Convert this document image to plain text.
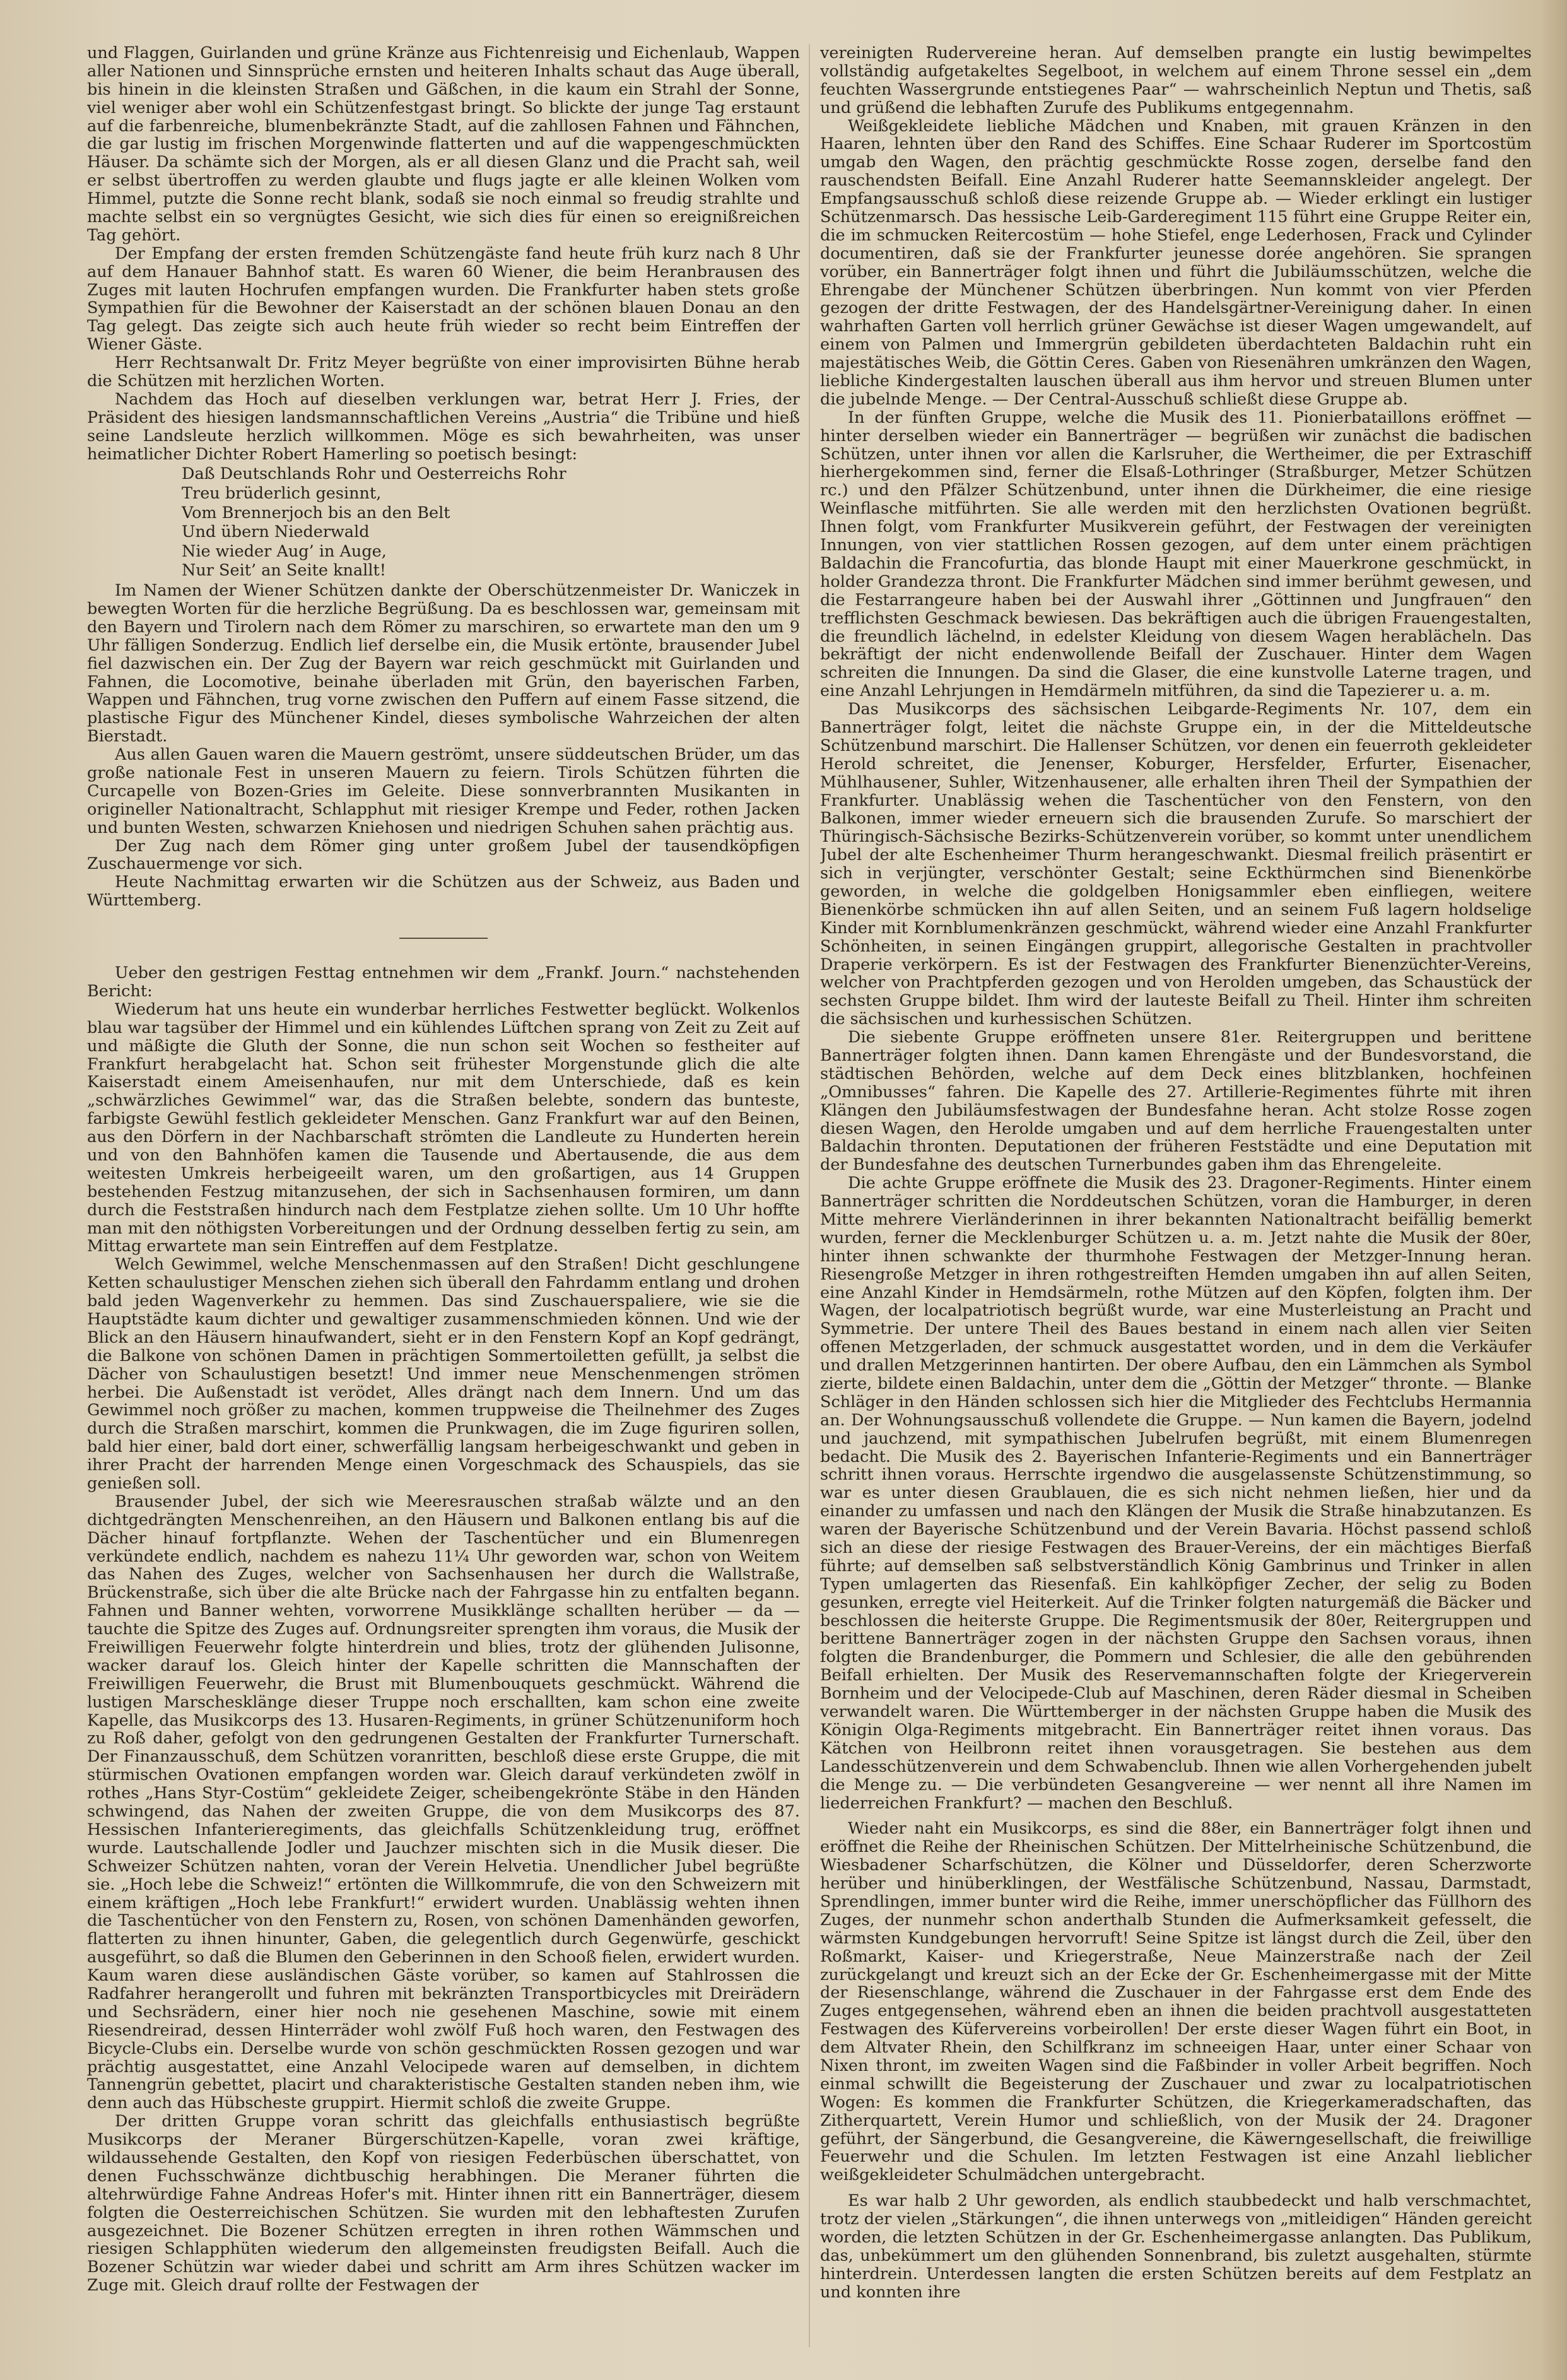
und Flaggen, Guirlanden und grüne Kränze aus Fichtenreisig und Eichenlaub, Wappen aller Nationen und Sinnsprüche ernsten und heiteren Inhalts schaut das Auge überall, bis hinein in die kleinsten Straßen und Gäßchen, in die kaum ein Strahl der Sonne, viel weniger aber wohl ein Schützenfestgast bringt. So blickte der junge Tag erstaunt auf die farbenreiche, blumenbekränzte Stadt, auf die zahllosen Fahnen und Fähnchen, die gar lustig im frischen Morgenwinde flatterten und auf die wappengeschmückten Häuser. Da schämte sich der Morgen, als er all diesen Glanz und die Pracht sah, weil er selbst übertroffen zu werden glaubte und flugs jagte er alle kleinen Wolken vom Himmel, putzte die Sonne recht blank, sodaß sie noch einmal so freudig strahlte und machte selbst ein so vergnügtes Gesicht, wie sich dies für einen so ereignißreichen Tag gehört.

Der Empfang der ersten fremden Schützengäste fand heute früh kurz nach 8 Uhr auf dem Hanauer Bahnhof statt. Es waren 60 Wiener, die beim Heranbrausen des Zuges mit lauten Hochrufen empfangen wurden. Die Frankfurter haben stets große Sympathien für die Bewohner der Kaiserstadt an der schönen blauen Donau an den Tag gelegt. Das zeigte sich auch heute früh wieder so recht beim Eintreffen der Wiener Gäste.

Herr Rechtsanwalt Dr. Fritz Meyer begrüßte von einer improvisirten Bühne herab die Schützen mit herzlichen Worten.

Nachdem das Hoch auf dieselben verklungen war, betrat Herr J. Fries, der Präsident des hiesigen landsmannschaftlichen Vereins „Austria“ die Tribüne und hieß seine Landsleute herzlich willkommen. Möge es sich bewahrheiten, was unser heimatlicher Dichter Robert Hamerling so poetisch besingt:

Daß Deutschlands Rohr und Oesterreichs Rohr
Treu brüderlich gesinnt,
Vom Brennerjoch bis an den Belt
Und übern Niederwald
Nie wieder Aug’ in Auge,
Nur Seit’ an Seite knallt!

Im Namen der Wiener Schützen dankte der Oberschützenmeister Dr. Waniczek in bewegten Worten für die herzliche Begrüßung. Da es beschlossen war, gemeinsam mit den Bayern und Tirolern nach dem Römer zu marschiren, so erwartete man den um 9 Uhr fälligen Sonderzug. Endlich lief derselbe ein, die Musik ertönte, brausender Jubel fiel dazwischen ein. Der Zug der Bayern war reich geschmückt mit Guirlanden und Fahnen, die Locomotive, beinahe überladen mit Grün, den bayerischen Farben, Wappen und Fähnchen, trug vorne zwischen den Puffern auf einem Fasse sitzend, die plastische Figur des Münchener Kindel, dieses symbolische Wahrzeichen der alten Bierstadt.

Aus allen Gauen waren die Mauern geströmt, unsere süddeutschen Brüder, um das große nationale Fest in unseren Mauern zu feiern. Tirols Schützen führten die Curcapelle von Bozen-Gries im Geleite. Diese sonnverbrannten Musikanten in origineller Nationaltracht, Schlapphut mit riesiger Krempe und Feder, rothen Jacken und bunten Westen, schwarzen Kniehosen und niedrigen Schuhen sahen prächtig aus.

Der Zug nach dem Römer ging unter großem Jubel der tausendköpfigen Zuschauermenge vor sich.

Heute Nachmittag erwarten wir die Schützen aus der Schweiz, aus Baden und Württemberg.

Ueber den gestrigen Festtag entnehmen wir dem „Frankf. Journ.“ nachstehenden Bericht:

Wiederum hat uns heute ein wunderbar herrliches Festwetter beglückt. Wolkenlos blau war tagsüber der Himmel und ein kühlendes Lüftchen sprang von Zeit zu Zeit auf und mäßigte die Gluth der Sonne, die nun schon seit Wochen so festheiter auf Frankfurt herabgelacht hat. Schon seit frühester Morgenstunde glich die alte Kaiserstadt einem Ameisenhaufen, nur mit dem Unterschiede, daß es kein „schwärzliches Gewimmel“ war, das die Straßen belebte, sondern das bunteste, farbigste Gewühl festlich gekleideter Menschen. Ganz Frankfurt war auf den Beinen, aus den Dörfern in der Nachbarschaft strömten die Landleute zu Hunderten herein und von den Bahnhöfen kamen die Tausende und Abertausende, die aus dem weitesten Umkreis herbeigeeilt waren, um den großartigen, aus 14 Gruppen bestehenden Festzug mitanzusehen, der sich in Sachsenhausen formiren, um dann durch die Feststraßen hindurch nach dem Festplatze ziehen sollte. Um 10 Uhr hoffte man mit den nöthigsten Vorbereitungen und der Ordnung desselben fertig zu sein, am Mittag erwartete man sein Eintreffen auf dem Festplatze.

Welch Gewimmel, welche Menschenmassen auf den Straßen! Dicht geschlungene Ketten schaulustiger Menschen ziehen sich überall den Fahrdamm entlang und drohen bald jeden Wagenverkehr zu hemmen. Das sind Zuschauerspaliere, wie sie die Hauptstädte kaum dichter und gewaltiger zusammenschmieden können. Und wie der Blick an den Häusern hinaufwandert, sieht er in den Fenstern Kopf an Kopf gedrängt, die Balkone von schönen Damen in prächtigen Sommertoiletten gefüllt, ja selbst die Dächer von Schaulustigen besetzt! Und immer neue Menschenmengen strömen herbei. Die Außenstadt ist verödet, Alles drängt nach dem Innern. Und um das Gewimmel noch größer zu machen, kommen truppweise die Theilnehmer des Zuges durch die Straßen marschirt, kommen die Prunkwagen, die im Zuge figuriren sollen, bald hier einer, bald dort einer, schwerfällig langsam herbeigeschwankt und geben in ihrer Pracht der harrenden Menge einen Vorgeschmack des Schauspiels, das sie genießen soll.

Brausender Jubel, der sich wie Meeresrauschen straßab wälzte und an den dichtgedrängten Menschenreihen, an den Häusern und Balkonen entlang bis auf die Dächer hinauf fortpflanzte. Wehen der Taschentücher und ein Blumenregen verkündete endlich, nachdem es nahezu 11¼ Uhr geworden war, schon von Weitem das Nahen des Zuges, welcher von Sachsenhausen her durch die Wallstraße, Brückenstraße, sich über die alte Brücke nach der Fahrgasse hin zu entfalten begann. Fahnen und Banner wehten, vorworrene Musikklänge schallten herüber — da — tauchte die Spitze des Zuges auf. Ordnungsreiter sprengten ihm voraus, die Musik der Freiwilligen Feuerwehr folgte hinterdrein und blies, trotz der glühenden Julisonne, wacker darauf los. Gleich hinter der Kapelle schritten die Mannschaften der Freiwilligen Feuerwehr, die Brust mit Blumenbouquets geschmückt. Während die lustigen Marschesklänge dieser Truppe noch erschallten, kam schon eine zweite Kapelle, das Musikcorps des 13. Husaren-Regiments, in grüner Schützenuniform hoch zu Roß daher, gefolgt von den gedrungenen Gestalten der Frankfurter Turnerschaft. Der Finanzausschuß, dem Schützen voranritten, beschloß diese erste Gruppe, die mit stürmischen Ovationen empfangen worden war. Gleich darauf verkündeten zwölf in rothes „Hans Styr-Costüm“ gekleidete Zeiger, scheibengekrönte Stäbe in den Händen schwingend, das Nahen der zweiten Gruppe, die von dem Musikcorps des 87. Hessischen Infanterieregiments, das gleichfalls Schützenkleidung trug, eröffnet wurde. Lautschallende Jodler und Jauchzer mischten sich in die Musik dieser. Die Schweizer Schützen nahten, voran der Verein Helvetia. Unendlicher Jubel begrüßte sie. „Hoch lebe die Schweiz!“ ertönten die Willkommrufe, die von den Schweizern mit einem kräftigen „Hoch lebe Frankfurt!“ erwidert wurden. Unablässig wehten ihnen die Taschentücher von den Fenstern zu, Rosen, von schönen Damenhänden geworfen, flatterten zu ihnen hinunter, Gaben, die gelegentlich durch Gegenwürfe, geschickt ausgeführt, so daß die Blumen den Geberinnen in den Schooß fielen, erwidert wurden. Kaum waren diese ausländischen Gäste vorüber, so kamen auf Stahlrossen die Radfahrer herangerollt und fuhren mit bekränzten Transportbicycles mit Dreirädern und Sechsrädern, einer hier noch nie gesehenen Maschine, sowie mit einem Riesendreirad, dessen Hinterräder wohl zwölf Fuß hoch waren, den Festwagen des Bicycle-Clubs ein. Derselbe wurde von schön geschmückten Rossen gezogen und war prächtig ausgestattet, eine Anzahl Velocipede waren auf demselben, in dichtem Tannengrün gebettet, placirt und charakteristische Gestalten standen neben ihm, wie denn auch das Hübscheste gruppirt. Hiermit schloß die zweite Gruppe.

Der dritten Gruppe voran schritt das gleichfalls enthusiastisch begrüßte Musikcorps der Meraner Bürgerschützen-Kapelle, voran zwei kräftige, wildaussehende Gestalten, den Kopf von riesigen Federbüschen überschattet, von denen Fuchsschwänze dichtbuschig herabhingen. Die Meraner führten die altehrwürdige Fahne Andreas Hofer's mit. Hinter ihnen ritt ein Bannerträger, diesem folgten die Oesterreichischen Schützen. Sie wurden mit den lebhaftesten Zurufen ausgezeichnet. Die Bozener Schützen erregten in ihren rothen Wämmschen und riesigen Schlapphüten wiederum den allgemeinsten freudigsten Beifall. Auch die Bozener Schützin war wieder dabei und schritt am Arm ihres Schützen wacker im Zuge mit. Gleich drauf rollte der Festwagen der

vereinigten Rudervereine heran. Auf demselben prangte ein lustig bewimpeltes vollständig aufgetakeltes Segelboot, in welchem auf einem Throne sessel ein „dem feuchten Wassergrunde entstiegenes Paar“ — wahrscheinlich Neptun und Thetis, saß und grüßend die lebhaften Zurufe des Publikums entgegennahm.

Weißgekleidete liebliche Mädchen und Knaben, mit grauen Kränzen in den Haaren, lehnten über den Rand des Schiffes. Eine Schaar Ruderer im Sportcostüm umgab den Wagen, den prächtig geschmückte Rosse zogen, derselbe fand den rauschendsten Beifall. Eine Anzahl Ruderer hatte Seemannskleider angelegt. Der Empfangsausschuß schloß diese reizende Gruppe ab. — Wieder erklingt ein lustiger Schützenmarsch. Das hessische Leib-Garderegiment 115 führt eine Gruppe Reiter ein, die im schmucken Reitercostüm — hohe Stiefel, enge Lederhosen, Frack und Cylinder documentiren, daß sie der Frankfurter jeunesse dorée angehören. Sie sprangen vorüber, ein Bannerträger folgt ihnen und führt die Jubiläumsschützen, welche die Ehrengabe der Münchener Schützen überbringen. Nun kommt von vier Pferden gezogen der dritte Festwagen, der des Handelsgärtner-Vereinigung daher. In einen wahrhaften Garten voll herrlich grüner Gewächse ist dieser Wagen umgewandelt, auf einem von Palmen und Immergrün gebildeten überdachteten Baldachin ruht ein majestätisches Weib, die Göttin Ceres. Gaben von Riesenähren umkränzen den Wagen, liebliche Kindergestalten lauschen überall aus ihm hervor und streuen Blumen unter die jubelnde Menge. — Der Central-Ausschuß schließt diese Gruppe ab.

In der fünften Gruppe, welche die Musik des 11. Pionierbataillons eröffnet — hinter derselben wieder ein Bannerträger — begrüßen wir zunächst die badischen Schützen, unter ihnen vor allen die Karlsruher, die Wertheimer, die per Extraschiff hierhergekommen sind, ferner die Elsaß-Lothringer (Straßburger, Metzer Schützen rc.) und den Pfälzer Schützenbund, unter ihnen die Dürkheimer, die eine riesige Weinflasche mitführten. Sie alle werden mit den herzlichsten Ovationen begrüßt. Ihnen folgt, vom Frankfurter Musikverein geführt, der Festwagen der vereinigten Innungen, von vier stattlichen Rossen gezogen, auf dem unter einem prächtigen Baldachin die Francofurtia, das blonde Haupt mit einer Mauerkrone geschmückt, in holder Grandezza thront. Die Frankfurter Mädchen sind immer berühmt gewesen, und die Festarrangeure haben bei der Auswahl ihrer „Göttinnen und Jungfrauen“ den trefflichsten Geschmack bewiesen. Das bekräftigen auch die übrigen Frauengestalten, die freundlich lächelnd, in edelster Kleidung von diesem Wagen herablächeln. Das bekräftigt der nicht endenwollende Beifall der Zuschauer. Hinter dem Wagen schreiten die Innungen. Da sind die Glaser, die eine kunstvolle Laterne tragen, und eine Anzahl Lehrjungen in Hemdärmeln mitführen, da sind die Tapezierer u. a. m.

Das Musikcorps des sächsischen Leibgarde-Regiments Nr. 107, dem ein Bannerträger folgt, leitet die nächste Gruppe ein, in der die Mitteldeutsche Schützenbund marschirt. Die Hallenser Schützen, vor denen ein feuerroth gekleideter Herold schreitet, die Jenenser, Koburger, Hersfelder, Erfurter, Eisenacher, Mühlhausener, Suhler, Witzenhausener, alle erhalten ihren Theil der Sympathien der Frankfurter. Unablässig wehen die Taschentücher von den Fenstern, von den Balkonen, immer wieder erneuern sich die brausenden Zurufe. So marschiert der Thüringisch-Sächsische Bezirks-Schützenverein vorüber, so kommt unter unendlichem Jubel der alte Eschenheimer Thurm herangeschwankt. Diesmal freilich präsentirt er sich in verjüngter, verschönter Gestalt; seine Eckthürmchen sind Bienenkörbe geworden, in welche die goldgelben Honigsammler eben einfliegen, weitere Bienenkörbe schmücken ihn auf allen Seiten, und an seinem Fuß lagern holdselige Kinder mit Kornblumenkränzen geschmückt, während wieder eine Anzahl Frankfurter Schönheiten, in seinen Eingängen gruppirt, allegorische Gestalten in prachtvoller Draperie verkörpern. Es ist der Festwagen des Frankfurter Bienenzüchter-Vereins, welcher von Prachtpferden gezogen und von Herolden umgeben, das Schaustück der sechsten Gruppe bildet. Ihm wird der lauteste Beifall zu Theil. Hinter ihm schreiten die sächsischen und kurhessischen Schützen.

Die siebente Gruppe eröffneten unsere 81er. Reitergruppen und berittene Bannerträger folgten ihnen. Dann kamen Ehrengäste und der Bundesvorstand, die städtischen Behörden, welche auf dem Deck eines blitzblanken, hochfeinen „Omnibusses“ fahren. Die Kapelle des 27. Artillerie-Regimentes führte mit ihren Klängen den Jubiläumsfestwagen der Bundesfahne heran. Acht stolze Rosse zogen diesen Wagen, den Herolde umgaben und auf dem herrliche Frauengestalten unter Baldachin thronten. Deputationen der früheren Feststädte und eine Deputation mit der Bundesfahne des deutschen Turnerbundes gaben ihm das Ehrengeleite.

Die achte Gruppe eröffnete die Musik des 23. Dragoner-Regiments. Hinter einem Bannerträger schritten die Norddeutschen Schützen, voran die Hamburger, in deren Mitte mehrere Vierländerinnen in ihrer bekannten Nationaltracht beifällig bemerkt wurden, ferner die Mecklenburger Schützen u. a. m. Jetzt nahte die Musik der 80er, hinter ihnen schwankte der thurmhohe Festwagen der Metzger-Innung heran. Riesengroße Metzger in ihren rothgestreiften Hemden umgaben ihn auf allen Seiten, eine Anzahl Kinder in Hemdsärmeln, rothe Mützen auf den Köpfen, folgten ihm. Der Wagen, der localpatriotisch begrüßt wurde, war eine Musterleistung an Pracht und Symmetrie. Der untere Theil des Baues bestand in einem nach allen vier Seiten offenen Metzgerladen, der schmuck ausgestattet worden, und in dem die Verkäufer und drallen Metzgerinnen hantirten. Der obere Aufbau, den ein Lämmchen als Symbol zierte, bildete einen Baldachin, unter dem die „Göttin der Metzger“ thronte. — Blanke Schläger in den Händen schlossen sich hier die Mitglieder des Fechtclubs Hermannia an. Der Wohnungsausschuß vollendete die Gruppe. — Nun kamen die Bayern, jodelnd und jauchzend, mit sympathischen Jubelrufen begrüßt, mit einem Blumenregen bedacht. Die Musik des 2. Bayerischen Infanterie-Regiments und ein Bannerträger schritt ihnen voraus. Herrschte irgendwo die ausgelassenste Schützenstimmung, so war es unter diesen Graublauen, die es sich nicht nehmen ließen, hier und da einander zu umfassen und nach den Klängen der Musik die Straße hinabzutanzen. Es waren der Bayerische Schützenbund und der Verein Bavaria. Höchst passend schloß sich an diese der riesige Festwagen des Brauer-Vereins, der ein mächtiges Bierfaß führte; auf demselben saß selbstverständlich König Gambrinus und Trinker in allen Typen umlagerten das Riesenfaß. Ein kahlköpfiger Zecher, der selig zu Boden gesunken, erregte viel Heiterkeit. Auf die Trinker folgten naturgemäß die Bäcker und beschlossen die heiterste Gruppe. Die Regimentsmusik der 80er, Reitergruppen und berittene Bannerträger zogen in der nächsten Gruppe den Sachsen voraus, ihnen folgten die Brandenburger, die Pommern und Schlesier, die alle den gebührenden Beifall erhielten. Der Musik des Reservemannschaften folgte der Kriegerverein Bornheim und der Velocipede-Club auf Maschinen, deren Räder diesmal in Scheiben verwandelt waren. Die Württemberger in der nächsten Gruppe haben die Musik des Königin Olga-Regiments mitgebracht. Ein Bannerträger reitet ihnen voraus. Das Kätchen von Heilbronn reitet ihnen vorausgetragen. Sie bestehen aus dem Landesschützenverein und dem Schwabenclub. Ihnen wie allen Vorhergehenden jubelt die Menge zu. — Die verbündeten Gesangvereine — wer nennt all ihre Namen im liederreichen Frankfurt? — machen den Beschluß.

Wieder naht ein Musikcorps, es sind die 88er, ein Bannerträger folgt ihnen und eröffnet die Reihe der Rheinischen Schützen. Der Mittelrheinische Schützenbund, die Wiesbadener Scharfschützen, die Kölner und Düsseldorfer, deren Scherzworte herüber und hinüberklingen, der Westfälische Schützenbund, Nassau, Darmstadt, Sprendlingen, immer bunter wird die Reihe, immer unerschöpflicher das Füllhorn des Zuges, der nunmehr schon anderthalb Stunden die Aufmerksamkeit gefesselt, die wärmsten Kundgebungen hervorruft! Seine Spitze ist längst durch die Zeil, über den Roßmarkt, Kaiser- und Kriegerstraße, Neue Mainzerstraße nach der Zeil zurückgelangt und kreuzt sich an der Ecke der Gr. Eschenheimergasse mit der Mitte der Riesenschlange, während die Zuschauer in der Fahrgasse erst dem Ende des Zuges entgegensehen, während eben an ihnen die beiden prachtvoll ausgestatteten Festwagen des Küfervereins vorbeirollen! Der erste dieser Wagen führt ein Boot, in dem Altvater Rhein, den Schilfkranz im schneeigen Haar, unter einer Schaar von Nixen thront, im zweiten Wagen sind die Faßbinder in voller Arbeit begriffen. Noch einmal schwillt die Begeisterung der Zuschauer und zwar zu localpatriotischen Wogen: Es kommen die Frankfurter Schützen, die Kriegerkameradschaften, das Zitherquartett, Verein Humor und schließlich, von der Musik der 24. Dragoner geführt, der Sängerbund, die Gesangvereine, die Käwerngesellschaft, die freiwillige Feuerwehr und die Schulen. Im letzten Festwagen ist eine Anzahl lieblicher weißgekleideter Schulmädchen untergebracht.

Es war halb 2 Uhr geworden, als endlich staubbedeckt und halb verschmachtet, trotz der vielen „Stärkungen“, die ihnen unterwegs von „mitleidigen“ Händen gereicht worden, die letzten Schützen in der Gr. Eschenheimergasse anlangten. Das Publikum, das, unbekümmert um den glühenden Sonnenbrand, bis zuletzt ausgehalten, stürmte hinterdrein. Unterdessen langten die ersten Schützen bereits auf dem Festplatz an und konnten ihre
